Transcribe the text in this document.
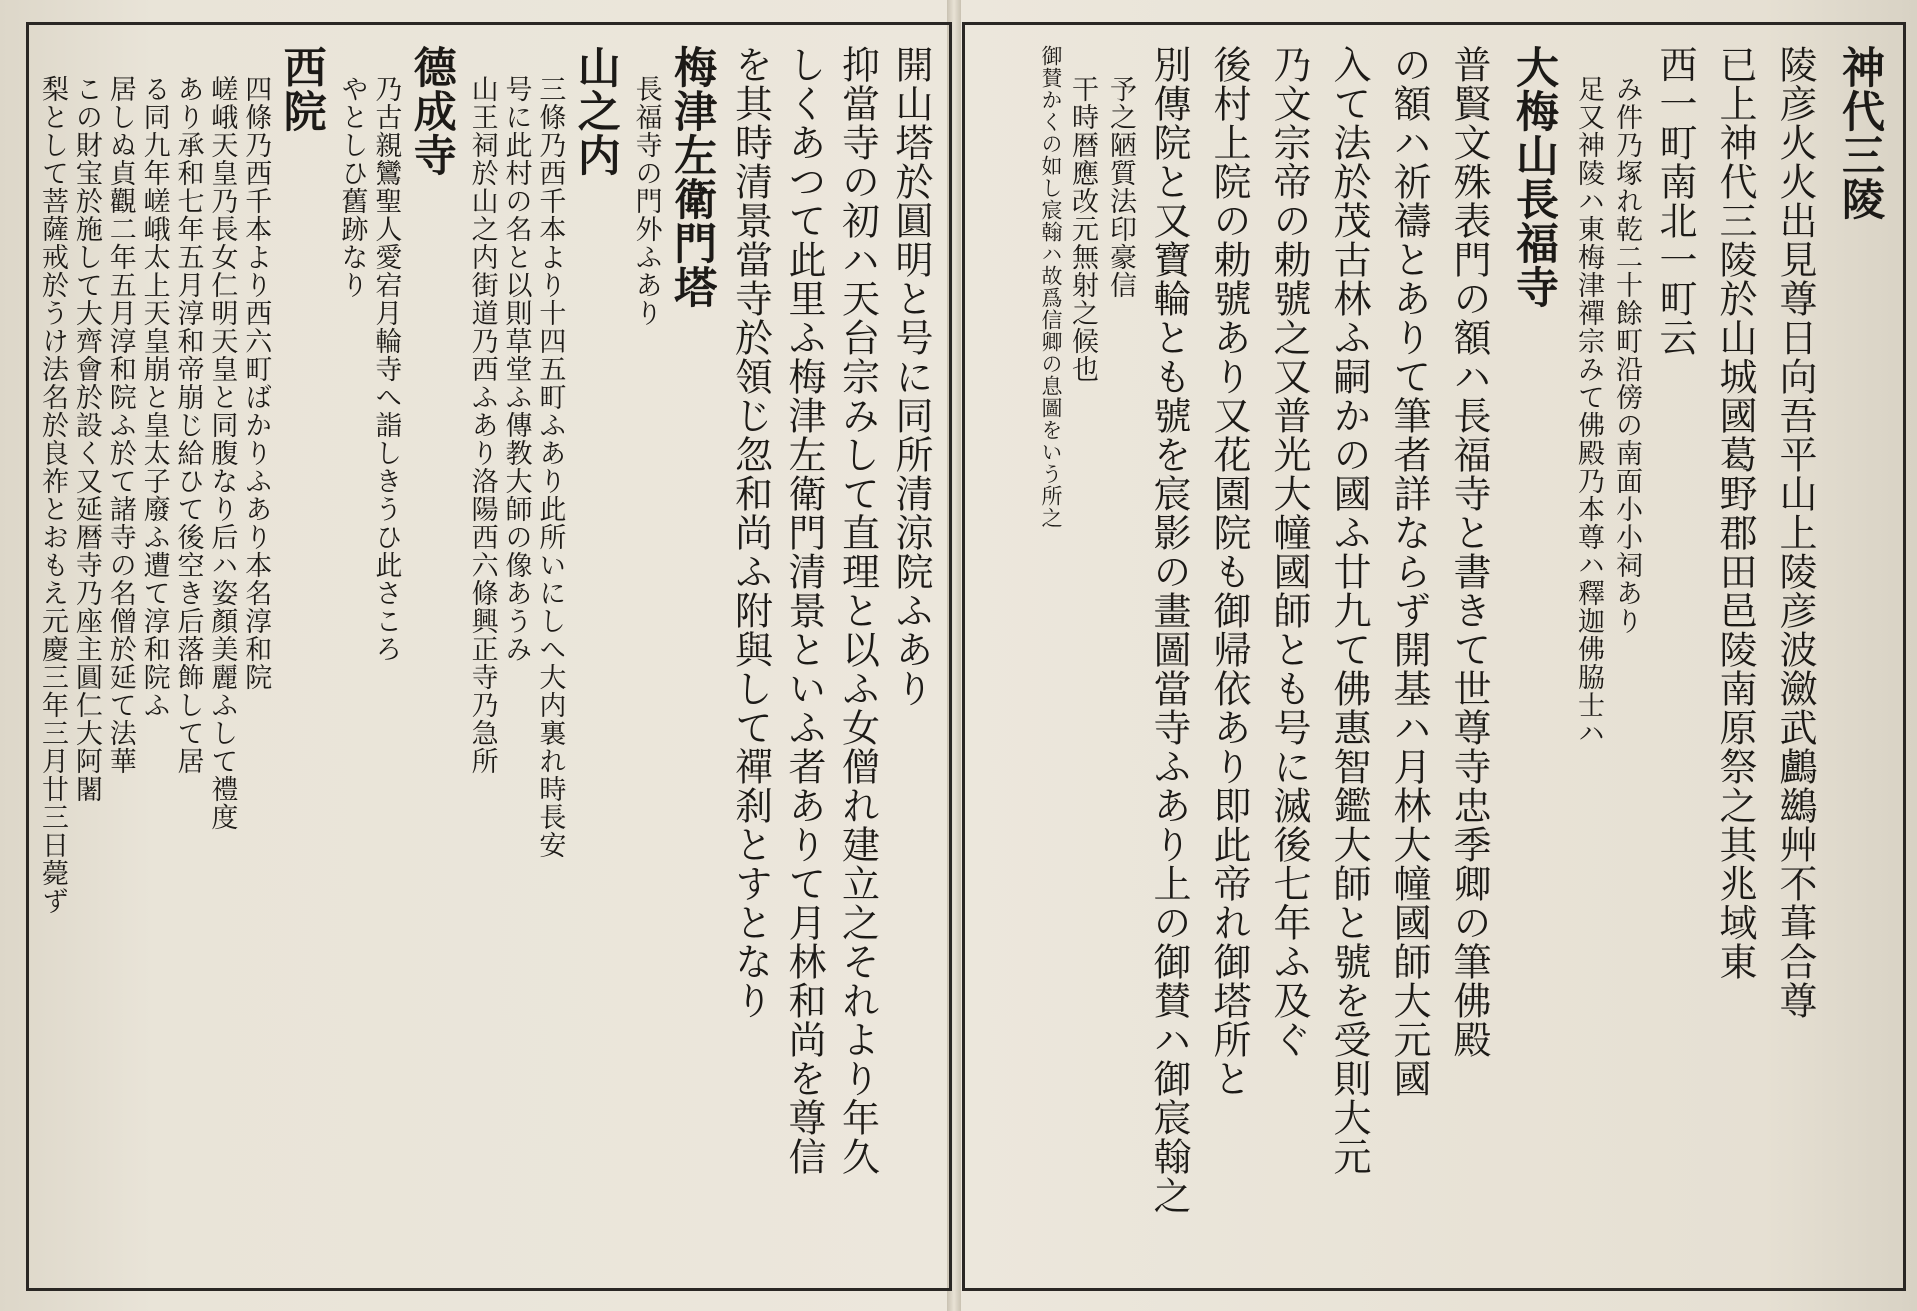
神代三陵
陵彦火火出見尊日向吾平山上陵彦波瀲武鸕鷀艸不葺合尊
已上神代三陵於山城國葛野郡田邑陵南原祭之其兆域東
西一町南北一町云
み件乃塚れ乾二十餘町沿傍の南面小小祠あり
足又神陵ハ東梅津禪宗みて佛殿乃本尊ハ釋迦佛脇士ハ
大梅山長福寺
普賢文殊表門の額ハ長福寺と書きて世尊寺忠季卿の筆佛殿
の額ハ祈禱とありて筆者詳ならず開基ハ月林大幢國師大元國
入て法於茂古林ふ嗣かの國ふ廿九て佛惠智鑑大師と號を受則大元
乃文宗帝の勅號之又普光大幢國師とも号に滅後七年ふ及ぐ
後村上院の勅號あり又花園院も御帰依あり即此帝れ御塔所と
別傳院と又寶輪とも號を宸影の畫圖當寺ふあり上の御賛ハ御宸翰之
予之陋質法印豪信
干時暦應改元無射之候也
御賛かくの如し宸翰ハ故爲信卿の息圖をいう所之
開山塔於圓明と号に同所清涼院ふあり
抑當寺の初ハ天台宗みして直理と以ふ女僧れ建立之それより年久
しくあつて此里ふ梅津左衛門清景といふ者ありて月林和尚を尊信
を其時清景當寺於領じ忽和尚ふ附與して禪刹とすとなり
梅津左衛門塔
長福寺の門外ふあり
山之内
三條乃西千本より十四五町ふあり此所いにしへ大内裏れ時長安
号に此村の名と以則草堂ふ傳教大師の像あうみ
山王祠於山之内街道乃西ふあり洛陽西六條興正寺乃急所
德成寺
乃古親鸞聖人愛宕月輪寺へ詣しきうひ此さころ
やとしひ舊跡なり
西院
四條乃西千本より西六町ばかりふあり本名淳和院
嵯峨天皇乃長女仁明天皇と同腹なり后ハ姿顏美麗ふして禮度
あり承和七年五月淳和帝崩じ給ひて後空き后落飾して居
る同九年嵯峨太上天皇崩と皇太子廢ふ遭て淳和院ふ
居しぬ貞觀二年五月淳和院ふ於て諸寺の名僧於延て法華
この財宝於施して大齊會於設く又延暦寺乃座主圓仁大阿闍
梨として菩薩戒於うけ法名於良祚とおもえ元慶三年三月廿三日薨ず
